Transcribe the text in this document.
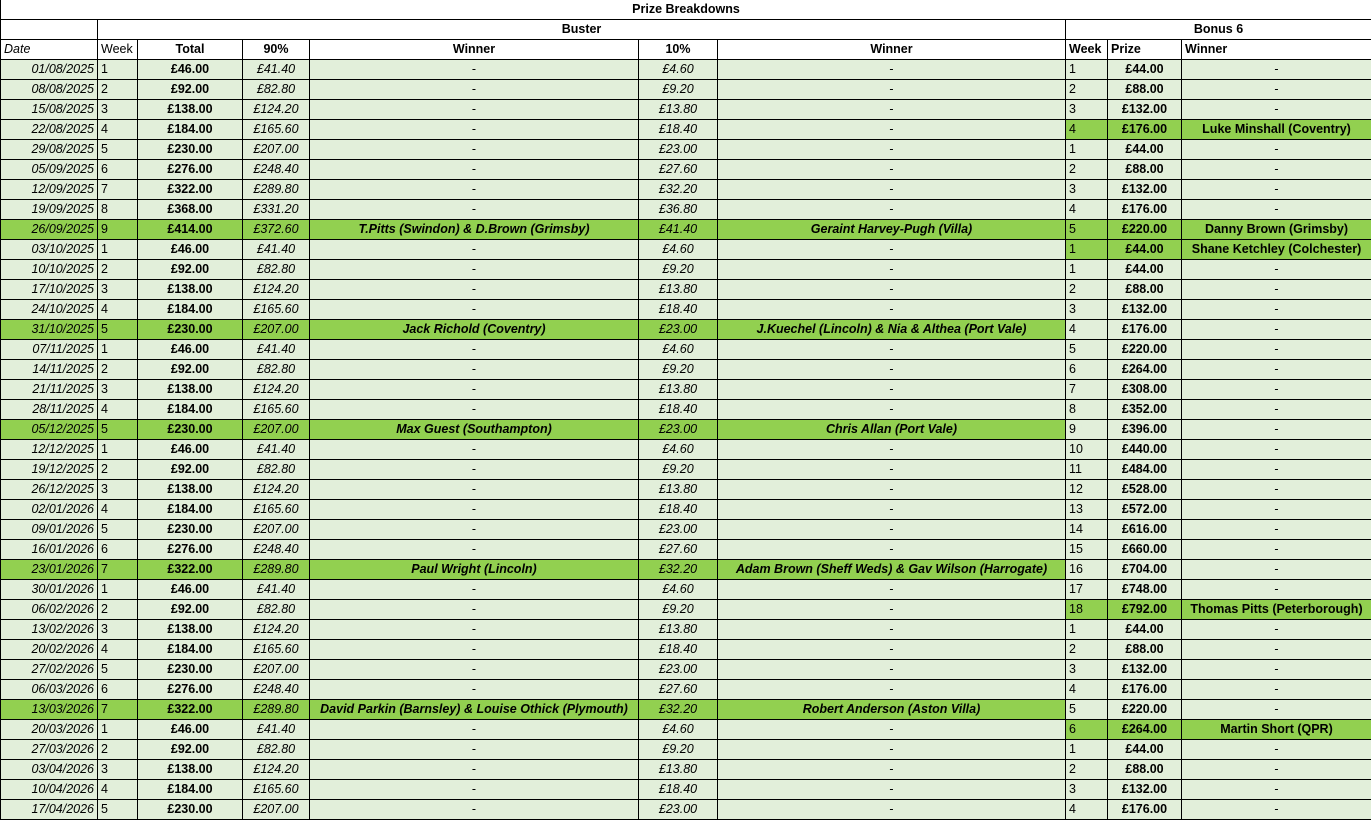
Prize Breakdowns									
	Buster						Bonus 6		
Date	Week	Total	90%	Winner	10%	Winner	Week	Prize	Winner
01/08/2025	1	£46.00	£41.40	-	£4.60	-	1	£44.00	-
08/08/2025	2	£92.00	£82.80	-	£9.20	-	2	£88.00	-
15/08/2025	3	£138.00	£124.20	-	£13.80	-	3	£132.00	-
22/08/2025	4	£184.00	£165.60	-	£18.40	-	4	£176.00	Luke Minshall (Coventry)
29/08/2025	5	£230.00	£207.00	-	£23.00	-	1	£44.00	-
05/09/2025	6	£276.00	£248.40	-	£27.60	-	2	£88.00	-
12/09/2025	7	£322.00	£289.80	-	£32.20	-	3	£132.00	-
19/09/2025	8	£368.00	£331.20	-	£36.80	-	4	£176.00	-
26/09/2025	9	£414.00	£372.60	T.Pitts (Swindon) & D.Brown (Grimsby)	£41.40	Geraint Harvey-Pugh (Villa)	5	£220.00	Danny Brown (Grimsby)
03/10/2025	1	£46.00	£41.40	-	£4.60	-	1	£44.00	Shane Ketchley (Colchester)
10/10/2025	2	£92.00	£82.80	-	£9.20	-	1	£44.00	-
17/10/2025	3	£138.00	£124.20	-	£13.80	-	2	£88.00	-
24/10/2025	4	£184.00	£165.60	-	£18.40	-	3	£132.00	-
31/10/2025	5	£230.00	£207.00	Jack Richold (Coventry)	£23.00	J.Kuechel (Lincoln) & Nia & Althea (Port Vale)	4	£176.00	-
07/11/2025	1	£46.00	£41.40	-	£4.60	-	5	£220.00	-
14/11/2025	2	£92.00	£82.80	-	£9.20	-	6	£264.00	-
21/11/2025	3	£138.00	£124.20	-	£13.80	-	7	£308.00	-
28/11/2025	4	£184.00	£165.60	-	£18.40	-	8	£352.00	-
05/12/2025	5	£230.00	£207.00	Max Guest (Southampton)	£23.00	Chris Allan (Port Vale)	9	£396.00	-
12/12/2025	1	£46.00	£41.40	-	£4.60	-	10	£440.00	-
19/12/2025	2	£92.00	£82.80	-	£9.20	-	11	£484.00	-
26/12/2025	3	£138.00	£124.20	-	£13.80	-	12	£528.00	-
02/01/2026	4	£184.00	£165.60	-	£18.40	-	13	£572.00	-
09/01/2026	5	£230.00	£207.00	-	£23.00	-	14	£616.00	-
16/01/2026	6	£276.00	£248.40	-	£27.60	-	15	£660.00	-
23/01/2026	7	£322.00	£289.80	Paul Wright (Lincoln)	£32.20	Adam Brown (Sheff Weds) & Gav Wilson (Harrogate)	16	£704.00	-
30/01/2026	1	£46.00	£41.40	-	£4.60	-	17	£748.00	-
06/02/2026	2	£92.00	£82.80	-	£9.20	-	18	£792.00	Thomas Pitts (Peterborough)
13/02/2026	3	£138.00	£124.20	-	£13.80	-	1	£44.00	-
20/02/2026	4	£184.00	£165.60	-	£18.40	-	2	£88.00	-
27/02/2026	5	£230.00	£207.00	-	£23.00	-	3	£132.00	-
06/03/2026	6	£276.00	£248.40	-	£27.60	-	4	£176.00	-
13/03/2026	7	£322.00	£289.80	David Parkin (Barnsley) & Louise Othick (Plymouth)	£32.20	Robert Anderson (Aston Villa)	5	£220.00	-
20/03/2026	1	£46.00	£41.40	-	£4.60	-	6	£264.00	Martin Short (QPR)
27/03/2026	2	£92.00	£82.80	-	£9.20	-	1	£44.00	-
03/04/2026	3	£138.00	£124.20	-	£13.80	-	2	£88.00	-
10/04/2026	4	£184.00	£165.60	-	£18.40	-	3	£132.00	-
17/04/2026	5	£230.00	£207.00	-	£23.00	-	4	£176.00	-
